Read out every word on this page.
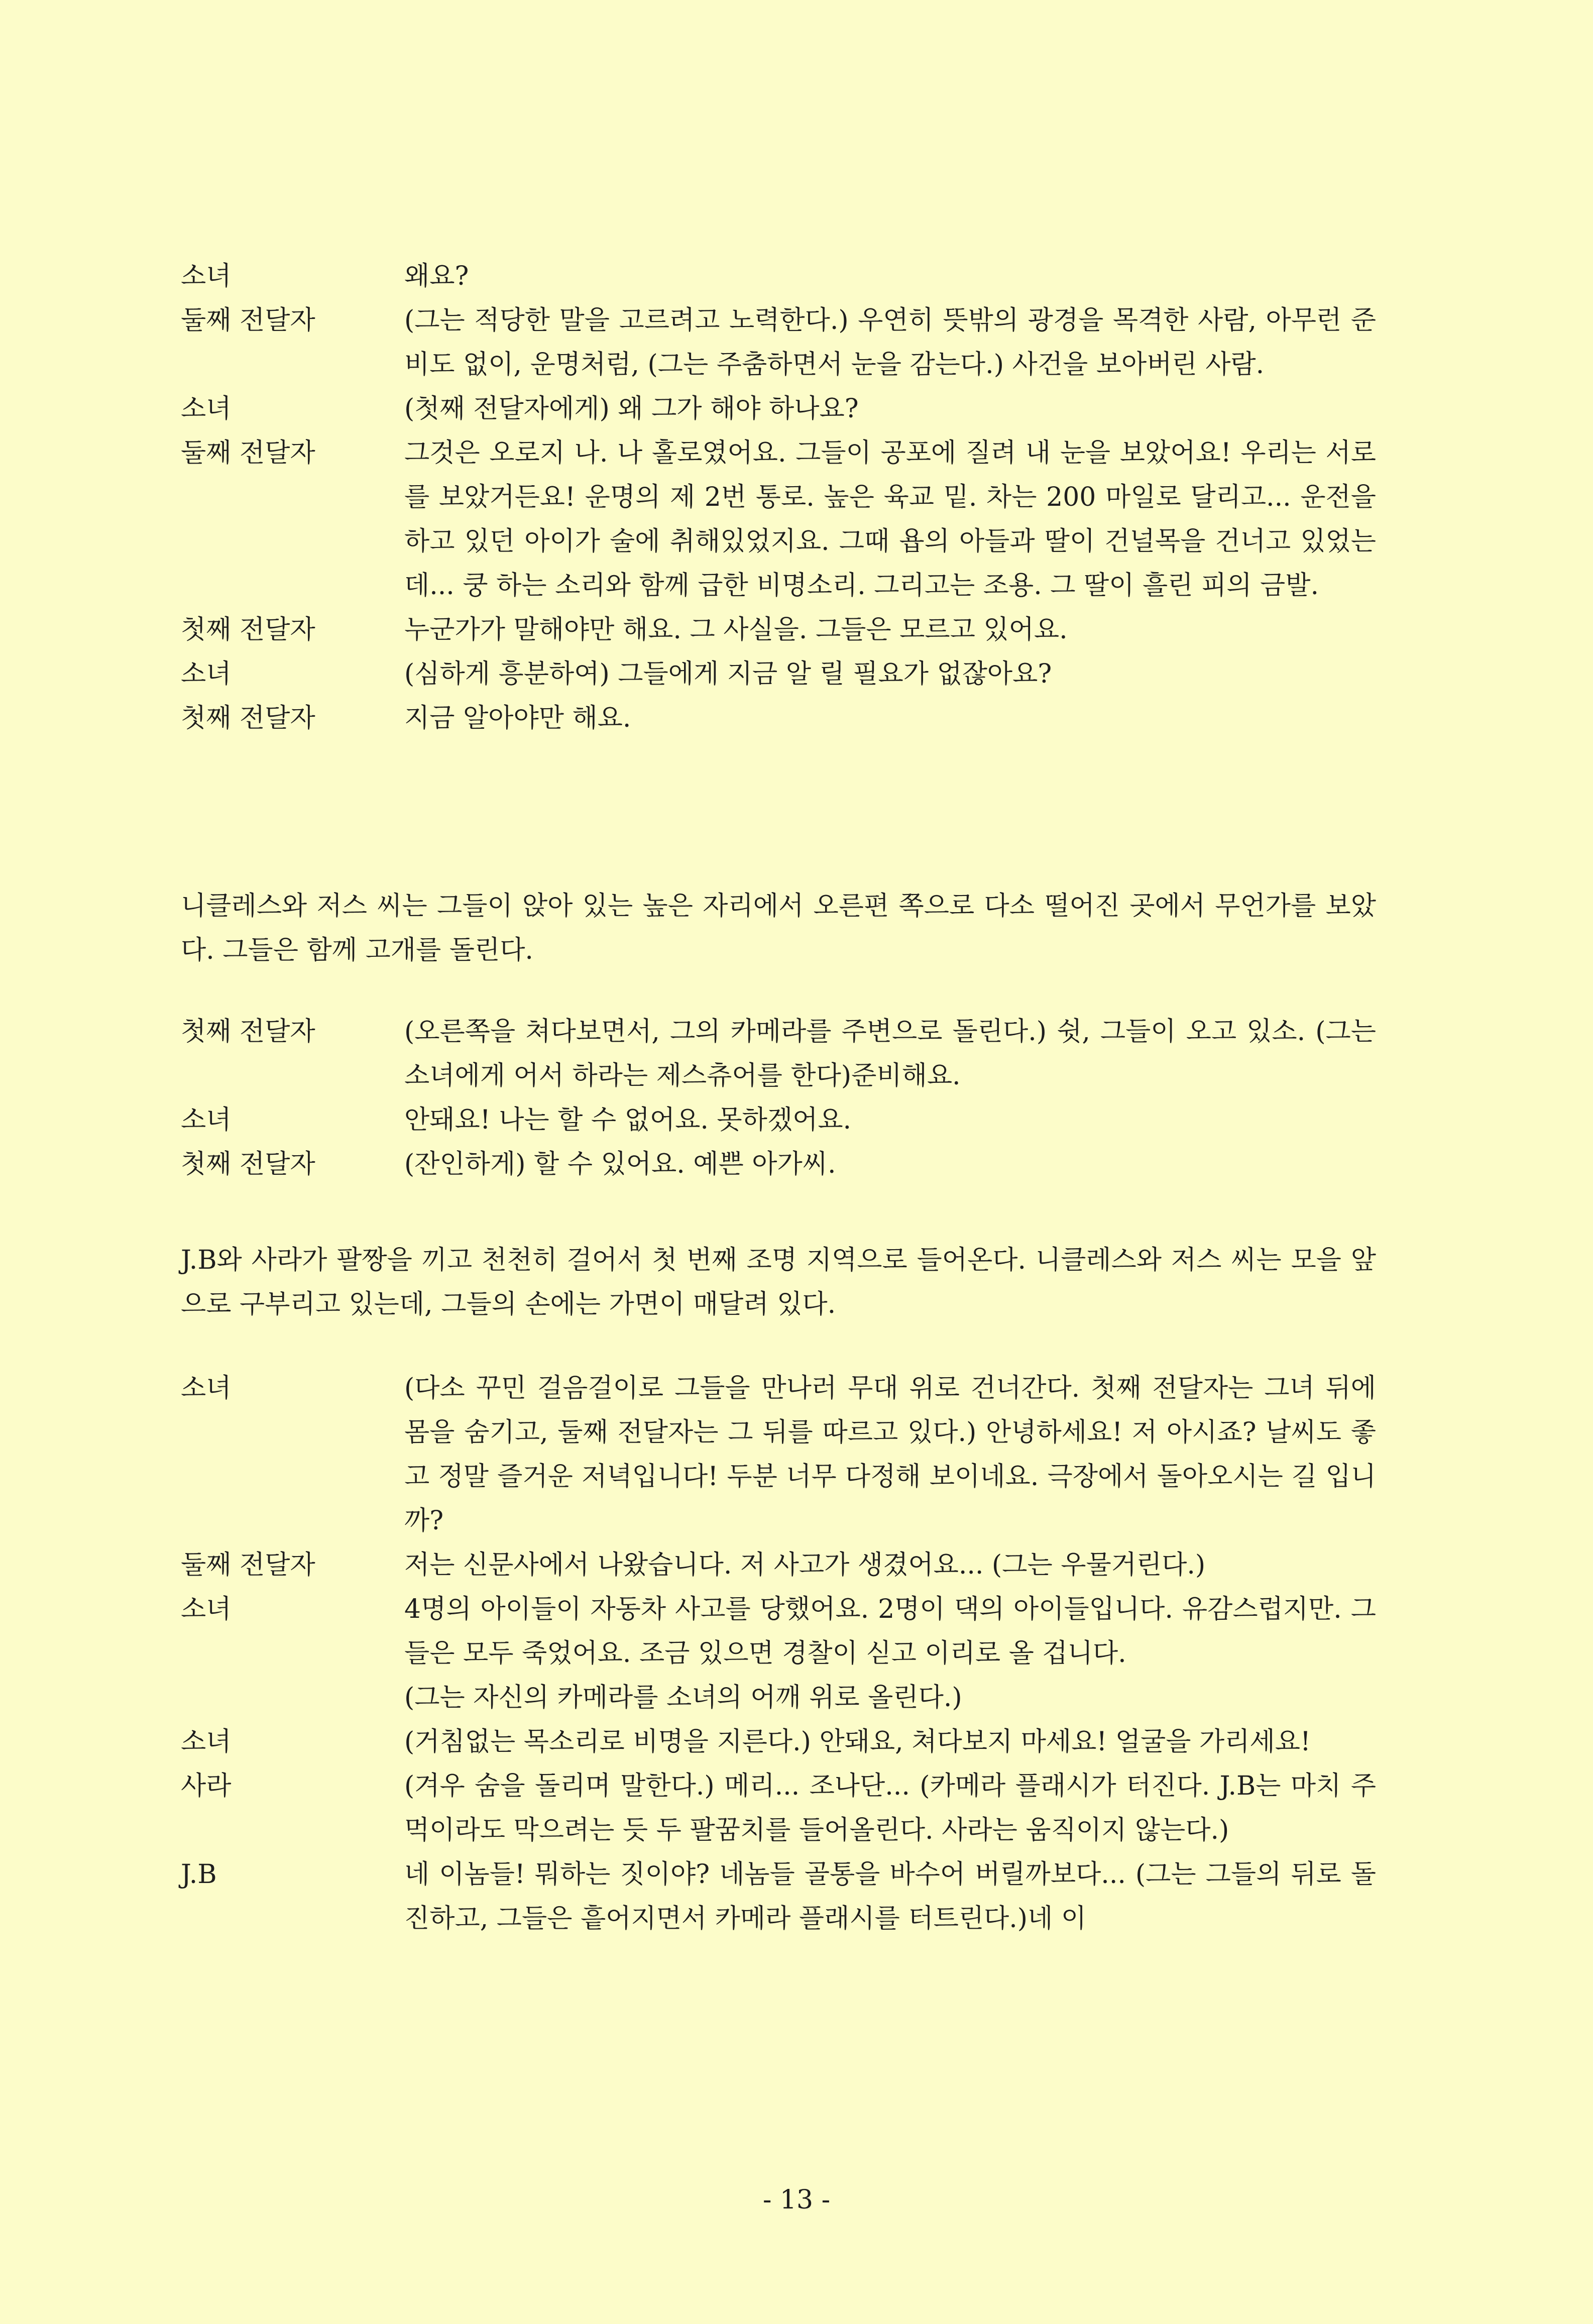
소녀	왜요?
둘째 전달자	(그는 적당한 말을 고르려고 노력한다.) 우연히 뜻밖의 광경을 목격한 사람, 아무런 준비도 없이, 운명처럼, (그는 주춤하면서 눈을 감는다.) 사건을 보아버린 사람.
소녀	(첫째 전달자에게) 왜 그가 해야 하나요?
둘째 전달자	그것은 오로지 나. 나 홀로였어요. 그들이 공포에 질려 내 눈을 보았어요! 우리는 서로를 보았거든요! 운명의 제 2번 통로. 높은 육교 밑. 차는 200 마일로 달리고... 운전을 하고 있던 아이가 술에 취해있었지요. 그때 욥의 아들과 딸이 건널목을 건너고 있었는데... 쿵 하는 소리와 함께 급한 비명소리. 그리고는 조용. 그 딸이 흘린 피의 금발.
첫째 전달자	누군가가 말해야만 해요. 그 사실을. 그들은 모르고 있어요.
소녀	(심하게 흥분하여) 그들에게 지금 알 릴 필요가 없잖아요?
첫째 전달자	지금 알아야만 해요.
니클레스와 저스 씨는 그들이 앉아 있는 높은 자리에서 오른편 쪽으로 다소 떨어진 곳에서 무언가를 보았다. 그들은 함께 고개를 돌린다.
첫째 전달자	(오른쪽을 쳐다보면서, 그의 카메라를 주변으로 돌린다.) 쉿, 그들이 오고 있소. (그는 소녀에게 어서 하라는 제스츄어를 한다)준비해요.
소녀	안돼요! 나는 할 수 없어요. 못하겠어요.
첫째 전달자	(잔인하게) 할 수 있어요. 예쁜 아가씨.
J.B와 사라가 팔짱을 끼고 천천히 걸어서 첫 번째 조명 지역으로 들어온다. 니클레스와 저스 씨는 모을 앞으로 구부리고 있는데, 그들의 손에는 가면이 매달려 있다.
소녀	(다소 꾸민 걸음걸이로 그들을 만나러 무대 위로 건너간다. 첫째 전달자는 그녀 뒤에 몸을 숨기고, 둘째 전달자는 그 뒤를 따르고 있다.) 안녕하세요! 저 아시죠? 날씨도 좋고 정말 즐거운 저녁입니다! 두분 너무 다정해 보이네요. 극장에서 돌아오시는 길 입니까?
둘째 전달자	저는 신문사에서 나왔습니다. 저 사고가 생겼어요... (그는 우물거린다.)
소녀	4명의 아이들이 자동차 사고를 당했어요. 2명이 댁의 아이들입니다. 유감스럽지만. 그들은 모두 죽었어요. 조금 있으면 경찰이 싣고 이리로 올 겁니다.
(그는 자신의 카메라를 소녀의 어깨 위로 올린다.)
소녀	(거침없는 목소리로 비명을 지른다.) 안돼요, 쳐다보지 마세요! 얼굴을 가리세요!
사라	(겨우 숨을 돌리며 말한다.) 메리... 조나단... (카메라 플래시가 터진다. J.B는 마치 주먹이라도 막으려는 듯 두 팔꿈치를 들어올린다. 사라는 움직이지 않는다.)
J.B	네 이놈들! 뭐하는 짓이야? 네놈들 골통을 바수어 버릴까보다... (그는 그들의 뒤로 돌진하고, 그들은 흩어지면서 카메라 플래시를 터트린다.)네 이
- 13 -
